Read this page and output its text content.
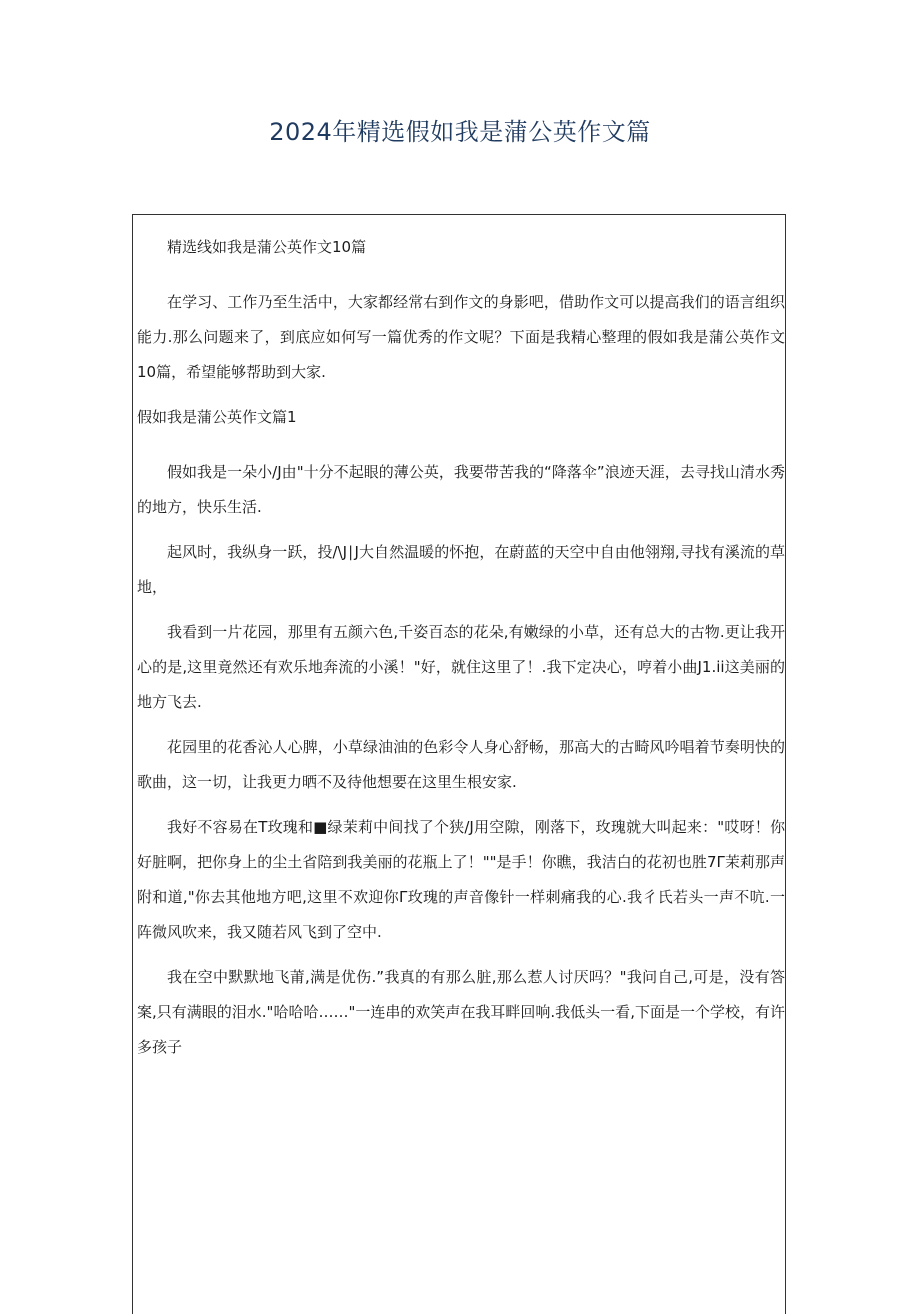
2024年精选假如我是蒲公英作文篇

精选线如我是蒲公英作文10篇

在学习、工作乃至生活中，大家都经常右到作文的身影吧，借助作文可以提高我们的语言组织能力.那么问题来了，到底应如何写一篇优秀的作文呢？下面是我精心整理的假如我是蒲公英作文10篇，希望能够帮助到大家.

假如我是蒲公英作文篇1

假如我是一朵小/J由"十分不起眼的薄公英，我要带苦我的“降落伞”浪迹天涯，去寻找山清水秀的地方，快乐生活.

起风时，我纵身一跃，投/\J∣J大自然温暖的怀抱，在蔚蓝的天空中自由他翎翔,寻找有溪流的草地，

我看到一片花园，那里有五颜六色,千姿百态的花朵,有嫩绿的小草，还有总大的古物.更让我开心的是,这里竟然还有欢乐地奔流的小溪！"好，就住这里了！.我下定决心，哼着小曲J1.ii这美丽的地方飞去.

花园里的花香沁人心脾，小草绿油油的色彩令人身心舒畅，那高大的古畸风吟唱着节奏明快的歌曲，这一切，让我更力晒不及待他想要在这里生根安家.

我好不容易在T玫瑰和■绿茉莉中间找了个狭/J用空隙，刚落下，玫瑰就大叫起来："哎呀！你好脏啊，把你身上的尘土省陪到我美丽的花瓶上了！""是手！你瞧，我洁白的花初也胜7Γ茉莉那声附和道,"你去其他地方吧,这里不欢迎你Γ玫瑰的声音像针一样刺痛我的心.我彳氏若头一声不吭.一阵微风吹来，我又随若风飞到了空中.

我在空中默默地飞莆,满是优伤.”我真的有那么脏,那么惹人讨厌吗？"我问自己,可是，没有答案,只有满眼的泪水."哈哈哈……"一连串的欢笑声在我耳畔回响.我低头一看,下面是一个学校，有许多孩子
